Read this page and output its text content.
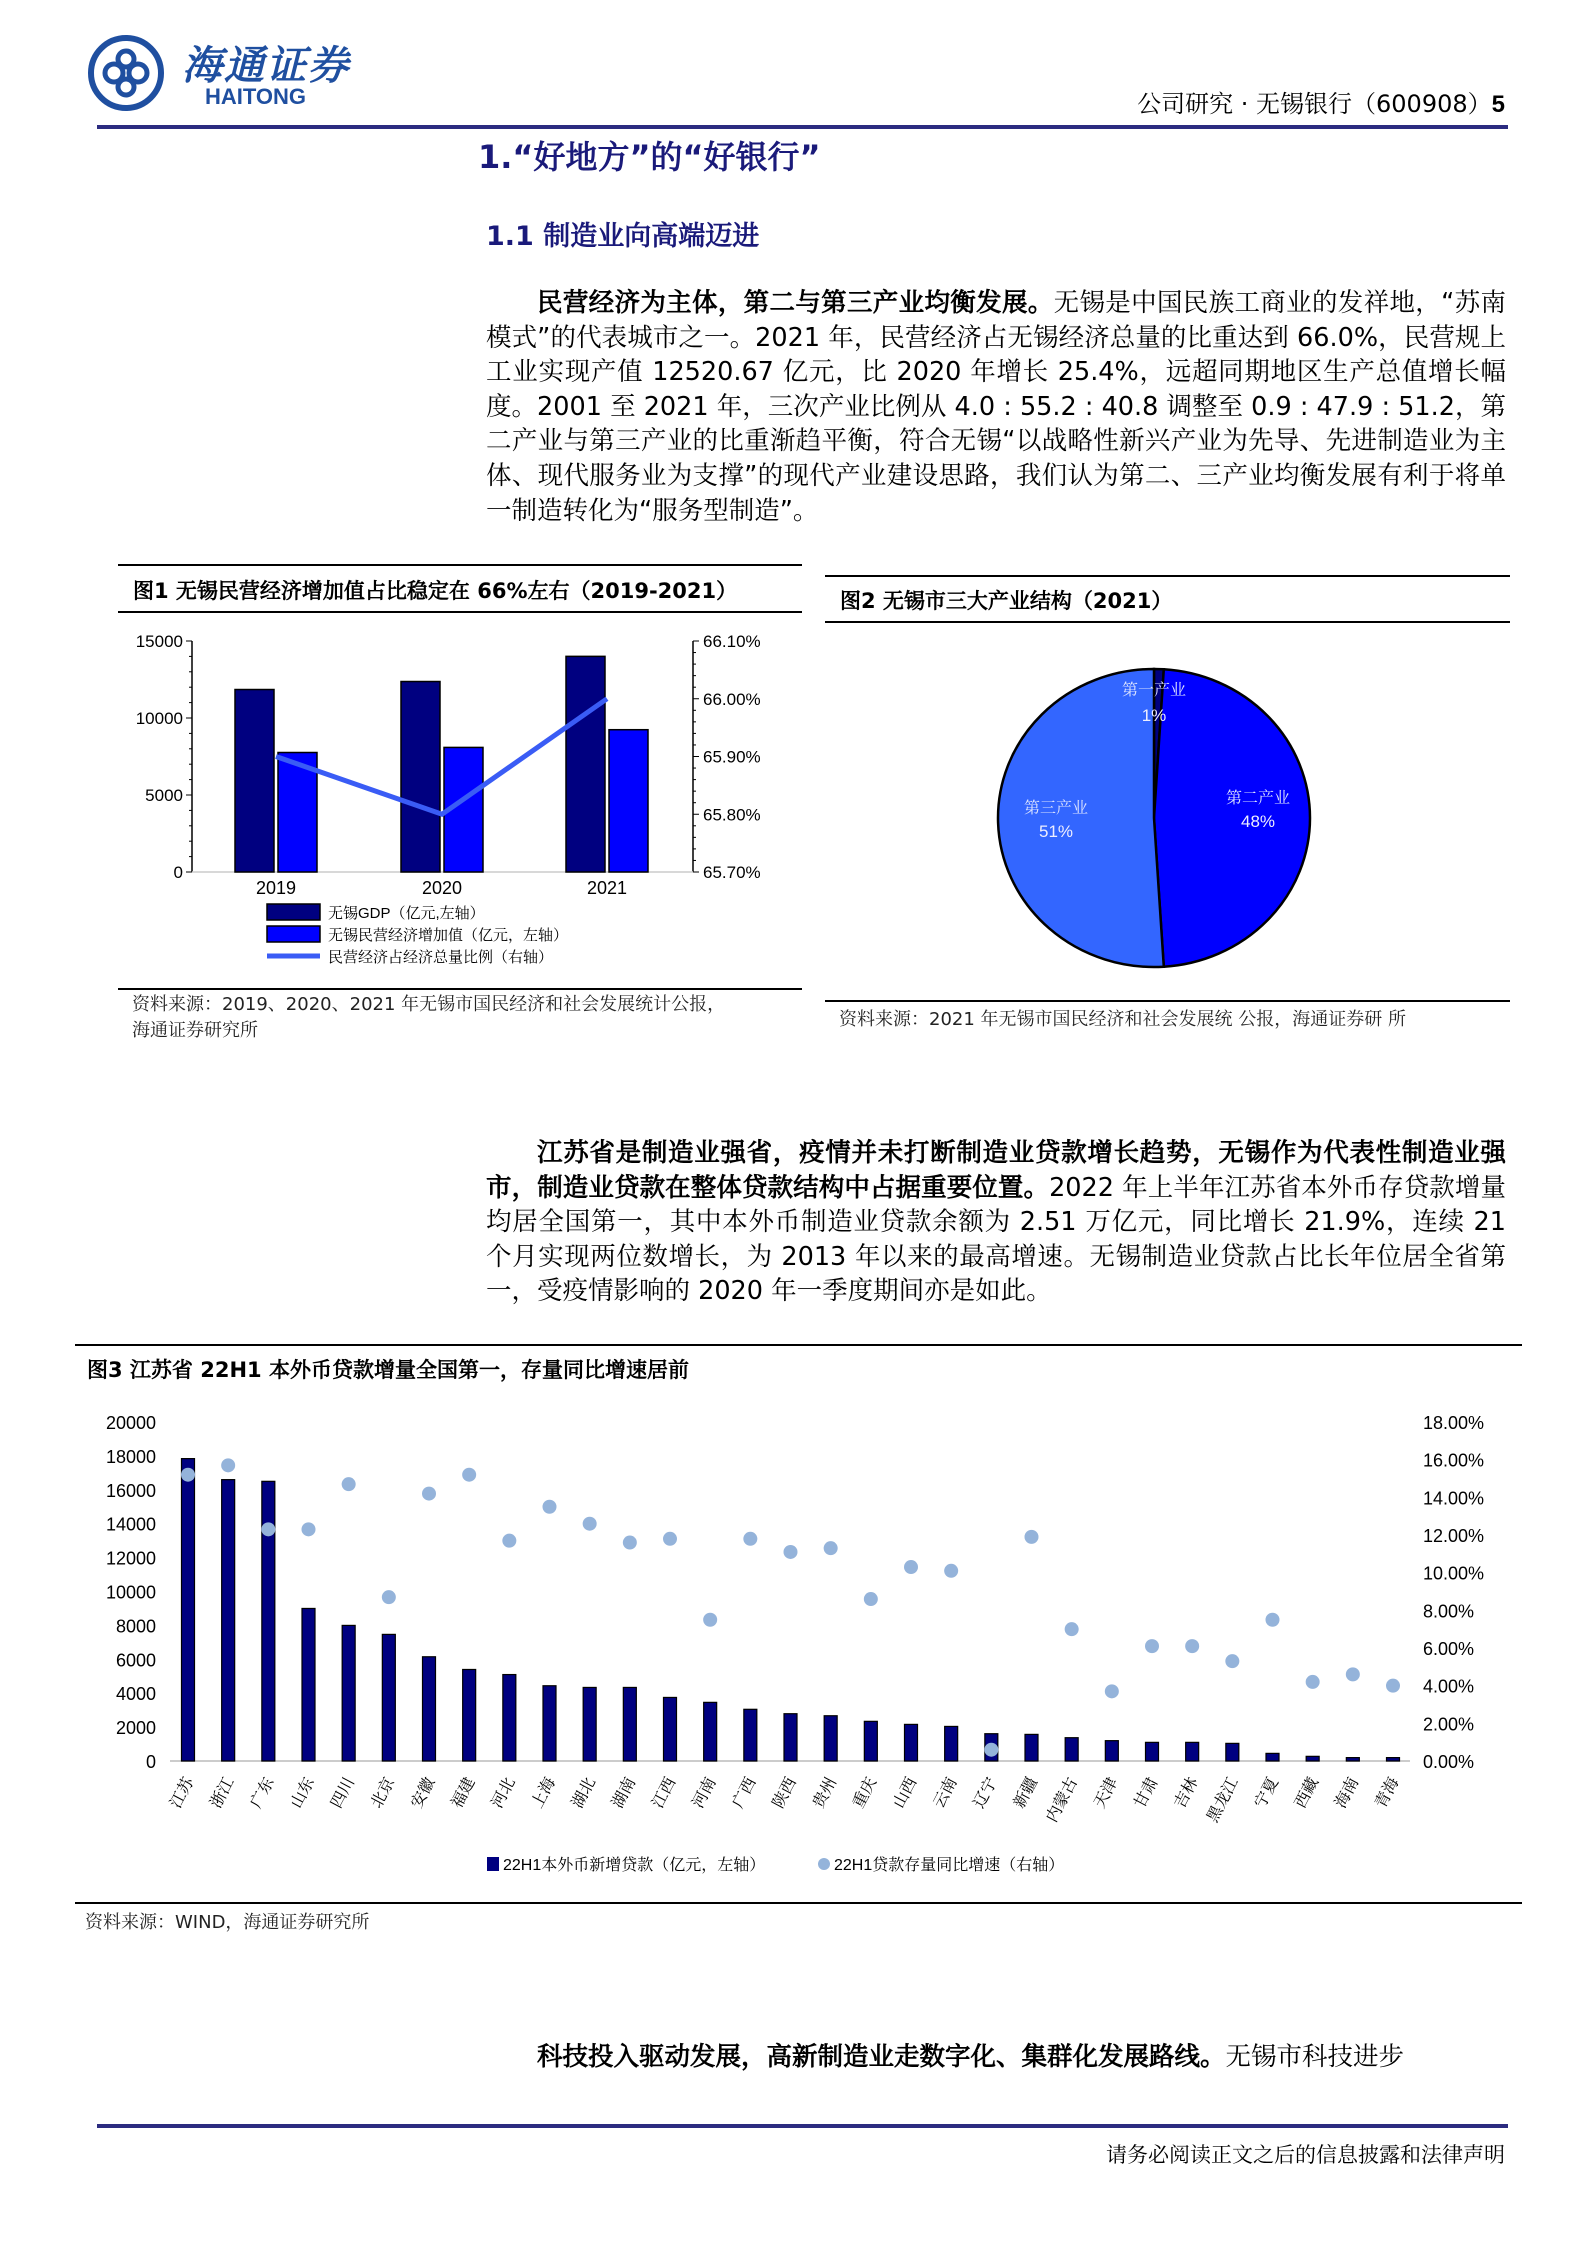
海通证券
HAITONG	公司研究 · 无锡银行（600908）5
1.“好地方”的“好银行”
1.1 制造业向高端迈进
民营经济为主体，第二与第三产业均衡发展。无锡是中国民族工商业的发祥地，“苏南模式”的代表城市之一。2021 年，民营经济占无锡经济总量的比重达到 66.0%，民营规上工业实现产值 12520.67 亿元，比 2020 年增长 25.4%，远超同期地区生产总值增长幅度。2001 至 2021 年，三次产业比例从 4.0 : 55.2 : 40.8 调整至 0.9 : 47.9 : 51.2，第二产业与第三产业的比重渐趋平衡，符合无锡“以战略性新兴产业为先导、先进制造业为主体、现代服务业为支撑”的现代产业建设思路，我们认为第二、三产业均衡发展有利于将单一制造转化为“服务型制造”。
图1 无锡民营经济增加值占比稳定在 66%左右（2019-2021）
0
5000
10000
15000
65.70%
65.80%
65.90%
66.00%
66.10%
2019	2020	2021
无锡GDP（亿元,左轴）
无锡民营经济增加值（亿元，左轴）
民营经济占经济总量比例（右轴）
资料来源：2019、2020、2021 年无锡市国民经济和社会发展统计公报，
海通证券研究所
图2 无锡市三大产业结构（2021）
第一产业
1%
第二产业
48%
第三产业
51%
资料来源：2021 年无锡市国民经济和社会发展统 公报，海通证券研 所
江苏省是制造业强省，疫情并未打断制造业贷款增长趋势，无锡作为代表性制造业强市，制造业贷款在整体贷款结构中占据重要位置。2022 年上半年江苏省本外币存贷款增量均居全国第一，其中本外币制造业贷款余额为 2.51 万亿元，同比增长 21.9%，连续 21 个月实现两位数增长，为 2013 年以来的最高增速。无锡制造业贷款占比长年位居全省第一，受疫情影响的 2020 年一季度期间亦是如此。
图3 江苏省 22H1 本外币贷款增量全国第一，存量同比增速居前
0
2000
4000
6000
8000
10000
12000
14000
16000
18000
20000
0.00%
2.00%
4.00%
6.00%
8.00%
10.00%
12.00%
14.00%
16.00%
18.00%
江苏 浙江 广东 山东 四川 北京 安徽 福建 河北 上海 湖北 湖南 江西 河南 广西 陕西 贵州 重庆 山西 云南 辽宁 新疆 内蒙古 天津 甘肃 吉林 黑龙江 宁夏 西藏 海南 青海
22H1本外币新增贷款（亿元，左轴）	22H1贷款存量同比增速（右轴）
资料来源：WIND，海通证券研究所
科技投入驱动发展，高新制造业走数字化、集群化发展路线。无锡市科技进步
请务必阅读正文之后的信息披露和法律声明
